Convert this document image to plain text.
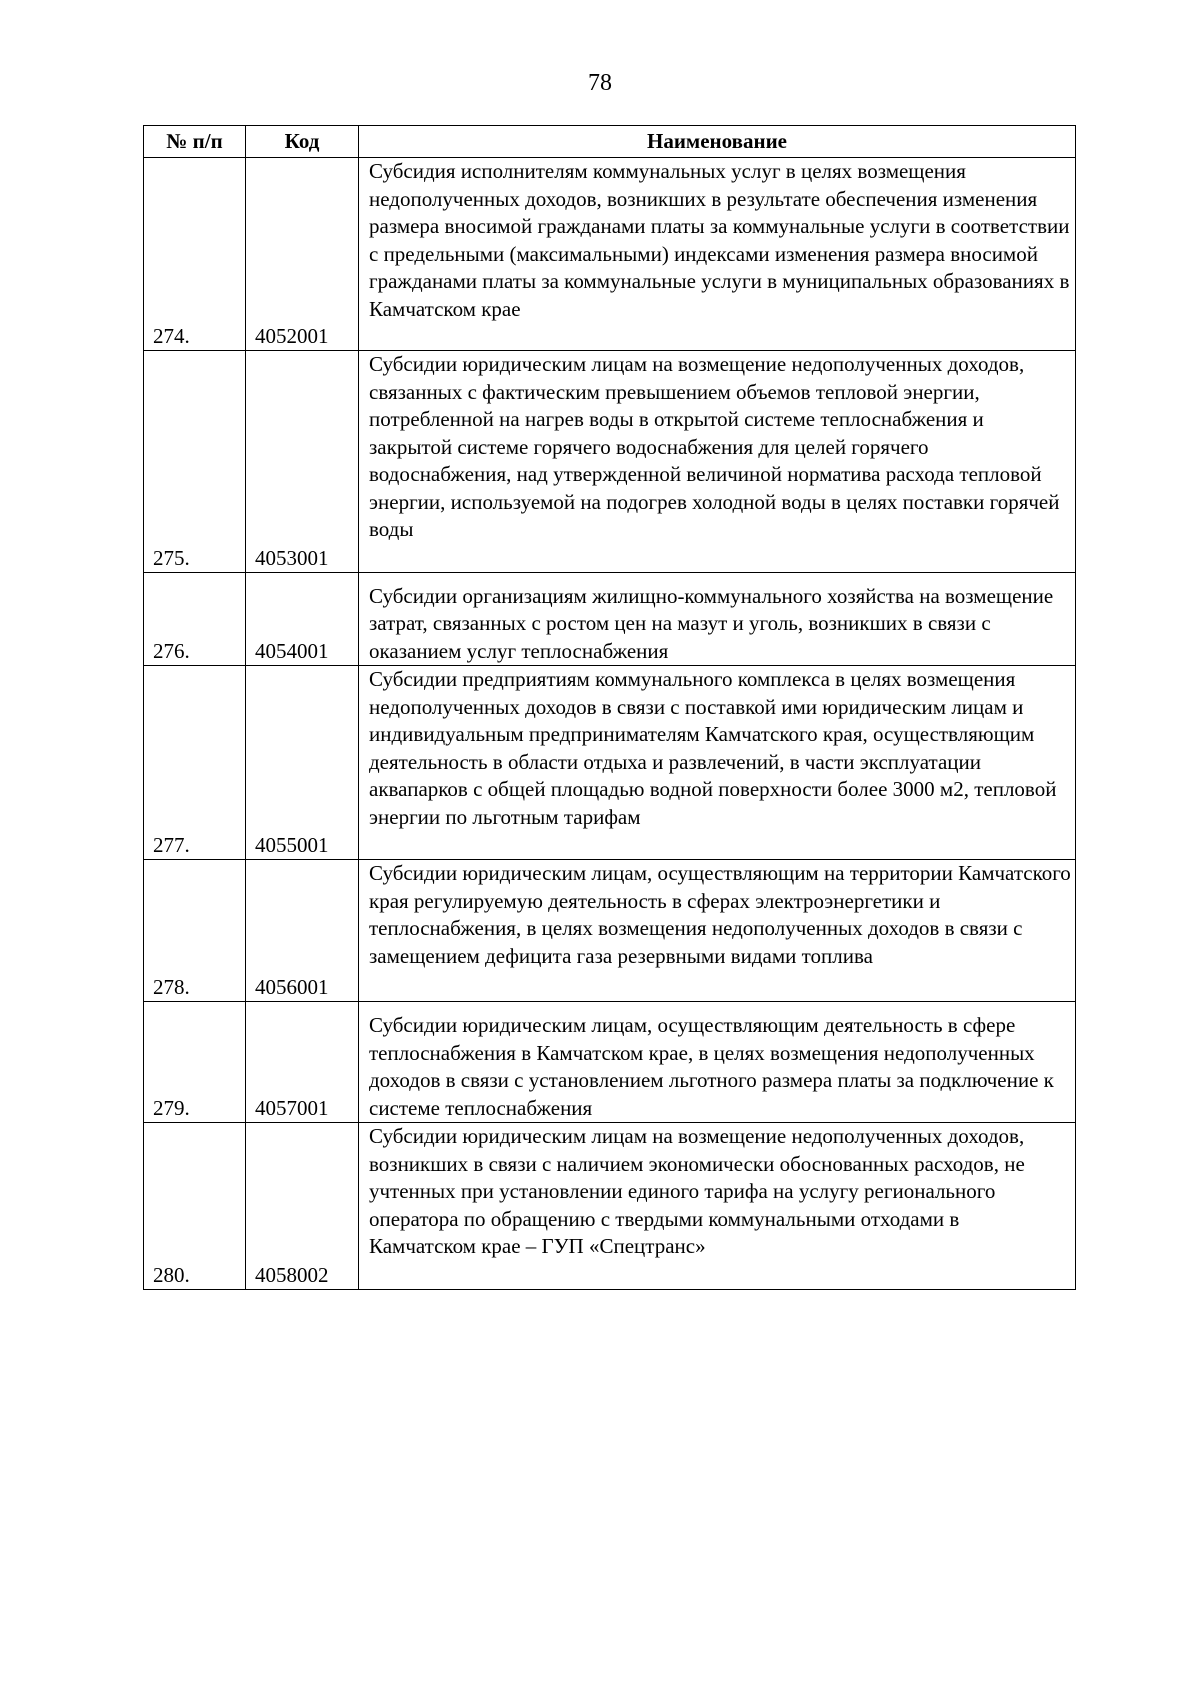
78
№ п/п	Код	Наименование
274.	4052001	Субсидия исполнителям коммунальных услуг в целях возмещения недополученных доходов, возникших в результате обеспечения изменения размера вносимой гражданами платы за коммунальные услуги в соответствии с предельными (максимальными) индексами изменения размера вносимой гражданами платы за коммунальные услуги в муниципальных образованиях в Камчатском крае
275.	4053001	Субсидии юридическим лицам на возмещение недополученных доходов, связанных с фактическим превышением объемов тепловой энергии, потребленной на нагрев воды в открытой системе теплоснабжения и закрытой системе горячего водоснабжения для целей горячего водоснабжения, над утвержденной величиной норматива расхода тепловой энергии, используемой на подогрев холодной воды в целях поставки горячей воды
276.	4054001	Субсидии организациям жилищно-коммунального хозяйства на возмещение затрат, связанных с ростом цен на мазут и уголь, возникших в связи с оказанием услуг теплоснабжения
277.	4055001	Субсидии предприятиям коммунального комплекса в целях возмещения недополученных доходов в связи с поставкой ими юридическим лицам и индивидуальным предпринимателям Камчатского края, осуществляющим деятельность в области отдыха и развлечений, в части эксплуатации аквапарков с общей площадью водной поверхности более 3000 м2, тепловой энергии по льготным тарифам
278.	4056001	Субсидии юридическим лицам, осуществляющим на территории Камчатского края регулируемую деятельность в сферах электроэнергетики и теплоснабжения, в целях возмещения недополученных доходов в связи с замещением дефицита газа резервными видами топлива
279.	4057001	Субсидии юридическим лицам, осуществляющим деятельность в сфере теплоснабжения в Камчатском крае, в целях возмещения недополученных доходов в связи с установлением льготного размера платы за подключение к системе теплоснабжения
280.	4058002	Субсидии юридическим лицам на возмещение недополученных доходов, возникших в связи с наличием экономически обоснованных расходов, не учтенных при установлении единого тарифа на услугу регионального оператора по обращению с твердыми коммунальными отходами в Камчатском крае – ГУП «Спецтранс»
